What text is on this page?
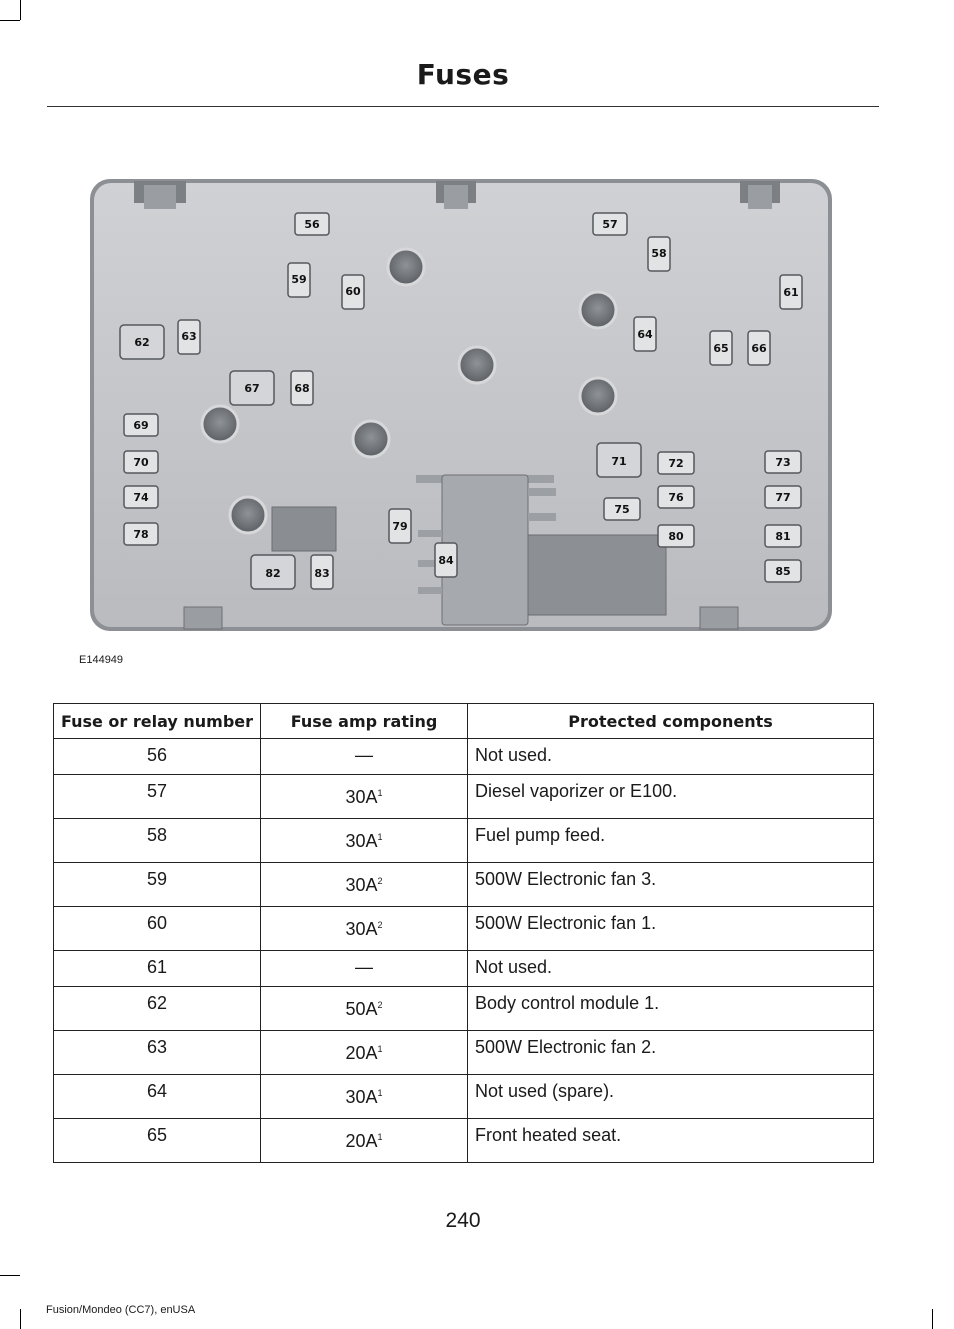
Fuses
56	57
58
59
60	61
62	63	64
65 66
67	68
69
70	71	72	73
74
75
76	77
78
79
80	81
82	83
84
85
E144949
Fuse or relay number	Fuse amp rating	Protected components
56	—	Not used.
57	$30A^1$	Diesel vaporizer or E100.
58	$30A^1$	Fuel pump feed.
59	$30A^2$	500W Electronic fan 3.
60	$30A^2$	500W Electronic fan 1.
61	—	Not used.
62	$50A^2$	Body control module 1.
63	$20A^1$	500W Electronic fan 2.
64	$30A^1$	Not used (spare).
65	$20A^1$	Front heated seat.
240
Fusion/Mondeo (CC7), enUSA
